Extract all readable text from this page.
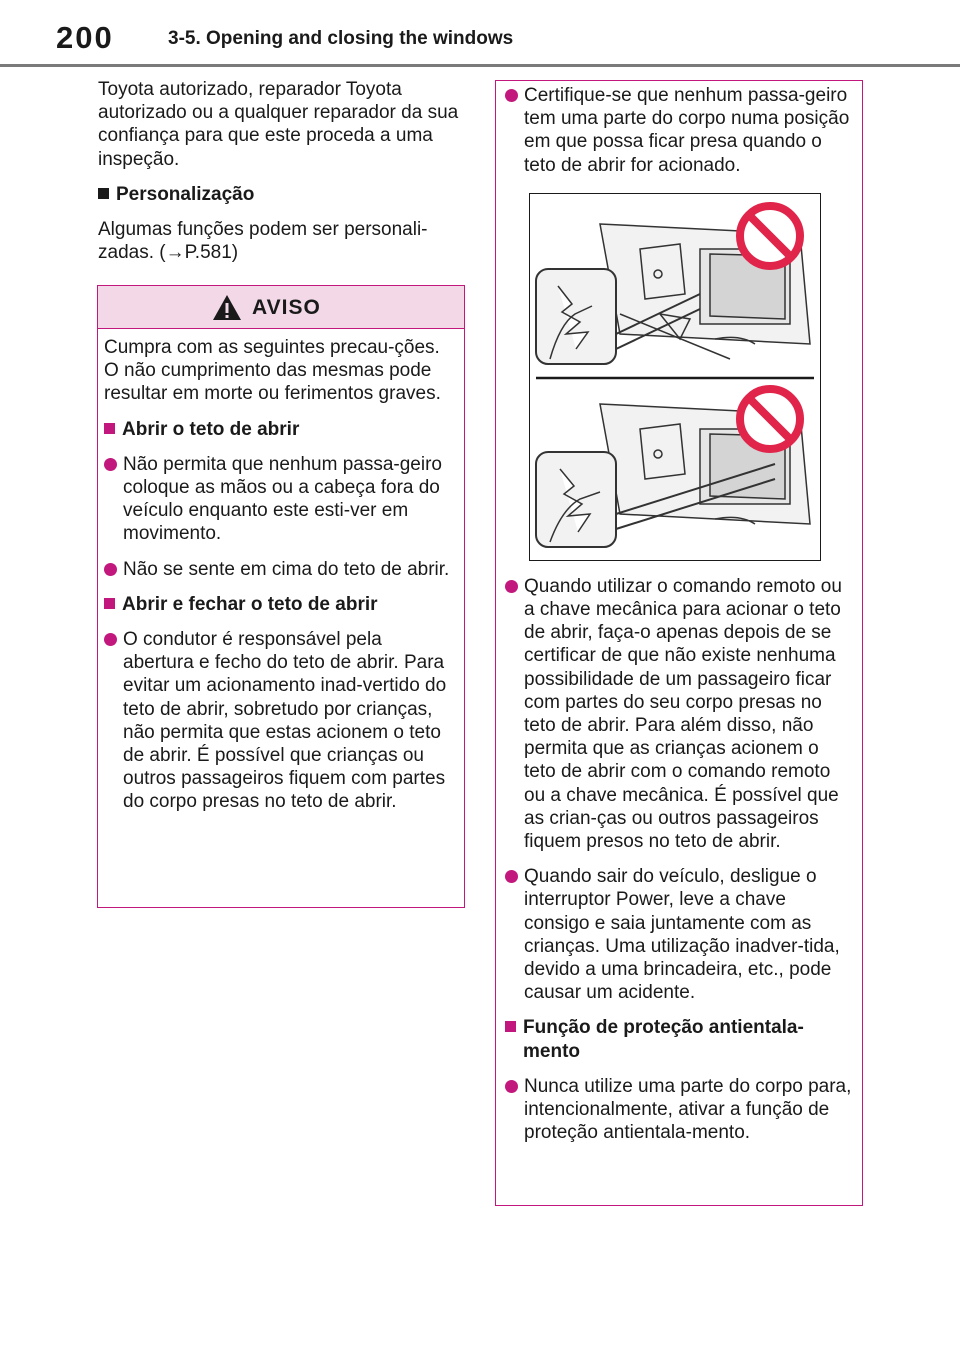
200	3-5. Opening and closing the windows

Toyota autorizado, reparador Toyota autorizado ou a qualquer reparador da sua confiança para que este proceda a uma inspeção.

Personalização

Algumas funções podem ser personali-zadas. (→P.581)

AVISO

Cumpra com as seguintes precau-ções. O não cumprimento das mesmas pode resultar em morte ou ferimentos graves.

Abrir o teto de abrir

Não permita que nenhum passa-geiro coloque as mãos ou a cabeça fora do veículo enquanto este esti-ver em movimento.

Não se sente em cima do teto de abrir.

Abrir e fechar o teto de abrir

O condutor é responsável pela abertura e fecho do teto de abrir. Para evitar um acionamento inad-vertido do teto de abrir, sobretudo por crianças, não permita que estas acionem o teto de abrir. É possível que crianças ou outros passageiros fiquem com partes do corpo presas no teto de abrir.

Certifique-se que nenhum passa-geiro tem uma parte do corpo numa posição em que possa ficar presa quando o teto de abrir for acionado.

Quando utilizar o comando remoto ou a chave mecânica para acionar o teto de abrir, faça-o apenas depois de se certificar de que não existe nenhuma possibilidade de um passageiro ficar com partes do seu corpo presas no teto de abrir. Para além disso, não permita que as crianças acionem o teto de abrir com o comando remoto ou a chave mecânica. É possível que as crian-ças ou outros passageiros fiquem presos no teto de abrir.

Quando sair do veículo, desligue o interruptor Power, leve a chave consigo e saia juntamente com as crianças. Uma utilização inadver-tida, devido a uma brincadeira, etc., pode causar um acidente.

Função de proteção antientala-mento

Nunca utilize uma parte do corpo para, intencionalmente, ativar a função de proteção antientala-mento.
